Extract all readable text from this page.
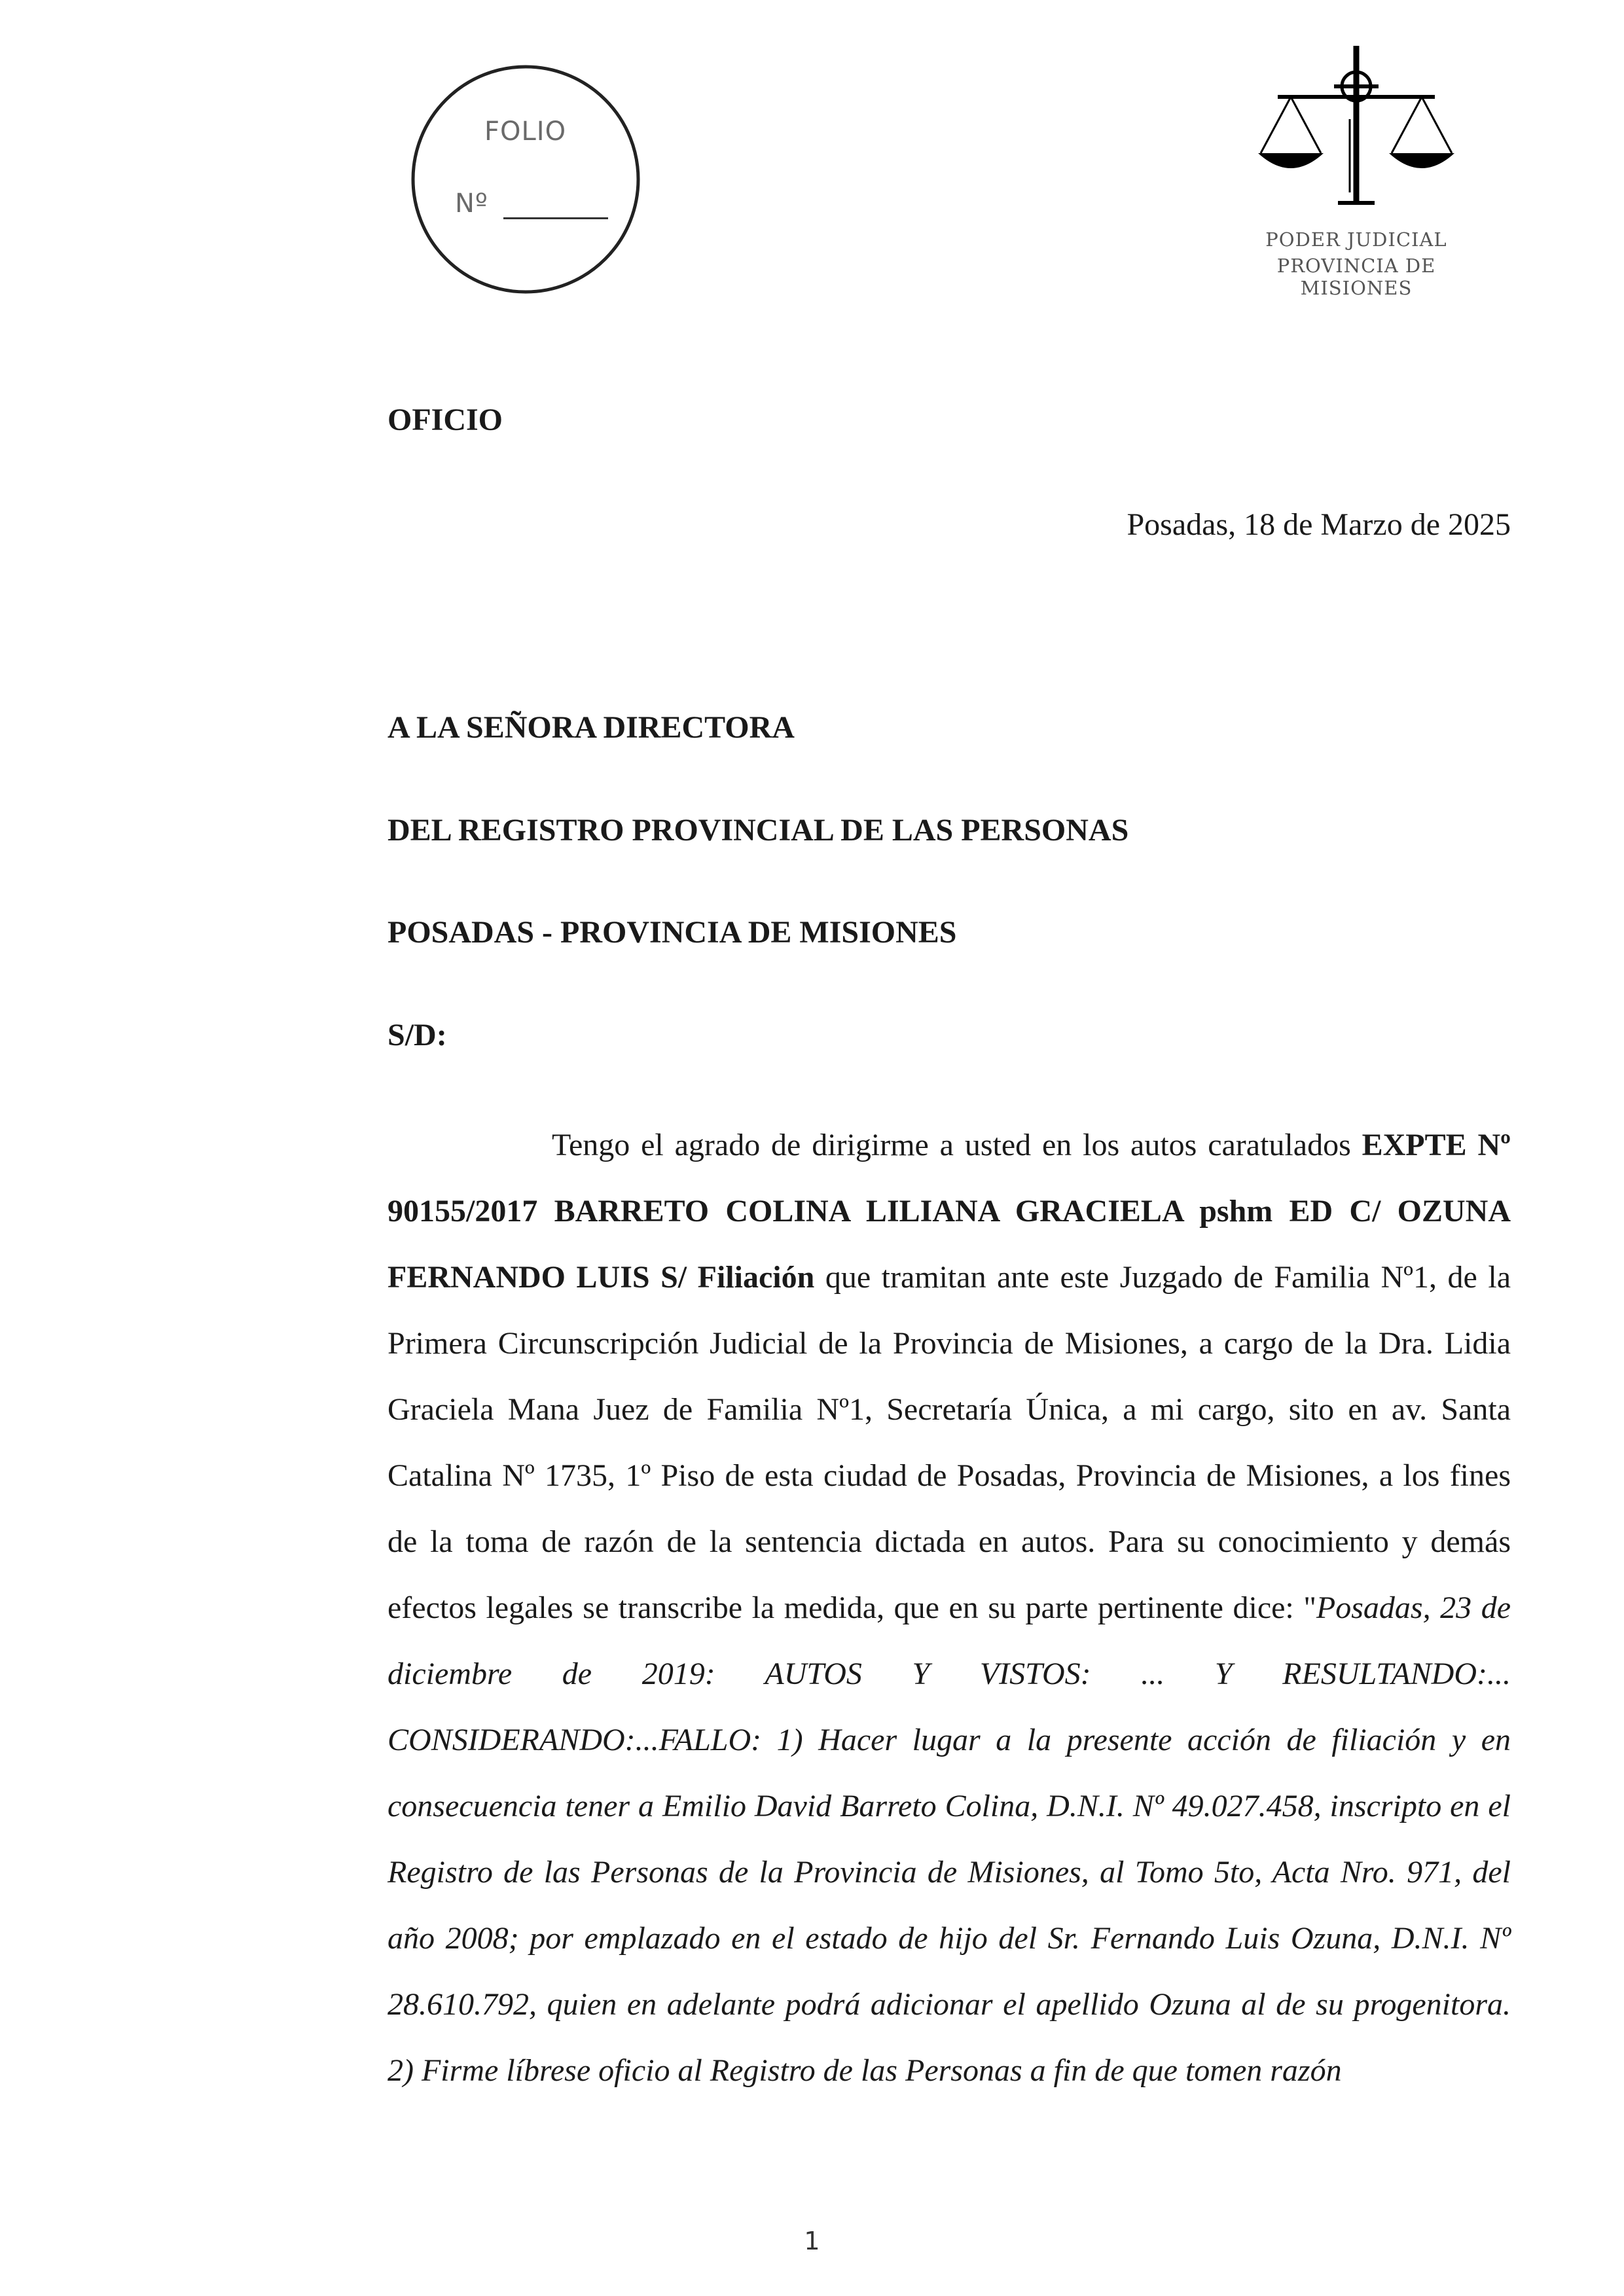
FOLIO
Nº
PODER JUDICIAL
PROVINCIA DE MISIONES
OFICIO
Posadas, 18 de Marzo de 2025
A LA SEÑORA DIRECTORA
DEL REGISTRO PROVINCIAL DE LAS PERSONAS
POSADAS - PROVINCIA DE MISIONES
S/D:

Tengo el agrado de dirigirme a usted en los autos caratulados EXPTE Nº 90155/2017 BARRETO COLINA LILIANA GRACIELA pshm ED C/ OZUNA FERNANDO LUIS S/ Filiación que tramitan ante este Juzgado de Familia Nº1, de la Primera Circunscripción Judicial de la Provincia de Misiones, a cargo de la Dra. Lidia Graciela Mana Juez de Familia Nº1, Secretaría Única, a mi cargo, sito en av. Santa Catalina Nº 1735, 1º Piso de esta ciudad de Posadas, Provincia de Misiones, a los fines de la toma de razón de la sentencia dictada en autos. Para su conocimiento y demás efectos legales se transcribe la medida, que en su parte pertinente dice: "Posadas, 23 de diciembre de 2019: AUTOS Y VISTOS: ... Y RESULTANDO:... CONSIDERANDO:...FALLO: 1) Hacer lugar a la presente acción de filiación y en consecuencia tener a Emilio David Barreto Colina, D.N.I. Nº 49.027.458, inscripto en el Registro de las Personas de la Provincia de Misiones, al Tomo 5to, Acta Nro. 971, del año 2008; por emplazado en el estado de hijo del Sr. Fernando Luis Ozuna, D.N.I. Nº 28.610.792, quien en adelante podrá adicionar el apellido Ozuna al de su progenitora. 2) Firme líbrese oficio al Registro de las Personas a fin de que tomen razón

1
